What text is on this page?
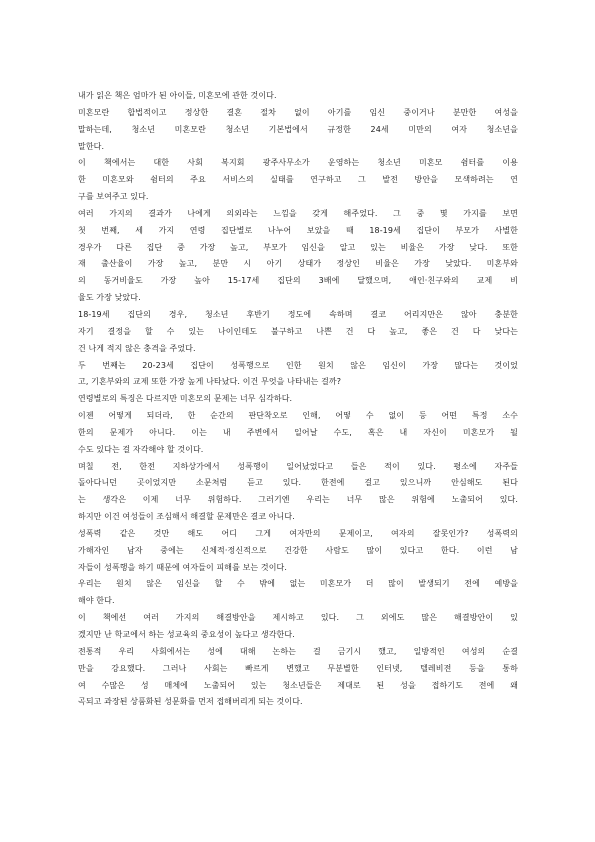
내가 읽은 책은 엄마가 된 아이들, 미혼모에 관한 것이다.
미혼모란 합법적이고 정상한 결혼 절차 없이 아기를 임신 중이거나 분만한 여성을
말하는데, 청소년 미혼모란 청소년 기본법에서 규정한 24세 미만의 여자 청소년을
말한다.
이 책에서는 대한 사회 복지회 광주사무소가 운영하는 청소년 미혼모 쉼터를 이용
한 미혼모와 쉼터의 주요 서비스의 실태를 연구하고 그 발전 방안을 모색하려는 연
구를 보여주고 있다.
여러 가지의 결과가 나에게 의외라는 느낌을 갖게 해주었다. 그 중 몇 가지를 보면
첫 번째, 세 가지 연령 집단별로 나누어 보았을 때 18-19세 집단이 부모가 사별한
경우가 다른 집단 중 가장 높고, 부모가 임신을 알고 있는 비율은 가장 낮다. 또한
재 출산율이 가장 높고, 분만 시 아기 상태가 정상인 비율은 가장 낮았다. 미혼부와
의 동거비율도 가장 높아 15-17세 집단의 3배에 달했으며, 애인·친구와의 교제 비
율도 가장 낮았다.
18-19세 집단의 경우, 청소년 후반기 정도에 속하며 결코 어리지만은 않아 충분한
자기 결정을 할 수 있는 나이인데도 불구하고 나쁜 건 다 높고, 좋은 건 다 낮다는
건 나게 적지 않은 충격을 주었다.
두 번째는 20-23세 집단이 성폭행으로 인한 원치 않은 임신이 가장 많다는 것이었
고, 기혼부와의 교제 또한 가장 높게 나타났다. 이건 무엇을 나타내는 걸까?
연령별로의 특징은 다르지만 미혼모의 문제는 너무 심각하다.
이젠 어떻게 되더라, 한 순간의 판단착오로 인해, 어떻 수 없이 등 어떤 특정 소수
한의 문제가 아니다. 이는 내 주변에서 일어날 수도, 혹은 내 자신이 미혼모가 될
수도 있다는 걸 자각해야 할 것이다.
며칠 전, 한전 지하상가에서 성폭행이 일어났었다고 들은 적이 있다. 평소에 자주들
돌아다니던 곳이었지만 소문처럼 듣고 있다. 한전에 걸고 있으니까 안심해도 된다
는 생각은 이제 너무 위험하다. 그러기엔 우리는 너무 많은 위험에 노출되어 있다.
하지만 이건 여성들이 조심해서 해결할 문제만은 결코 아니다.
성폭력 같은 것만 해도 어디 그게 여자만의 문제이고, 여자의 잘못인가? 성폭력의
가해자인 남자 중에는 신체적·정신적으로 건강한 사람도 많이 있다고 한다. 이런 남
자들이 성폭행을 하기 때문에 여자들이 피해를 보는 것이다.
우리는 원치 않은 임신을 할 수 밖에 없는 미혼모가 더 많이 발생되기 전에 예방을
해야 한다.
이 책에선 여러 가지의 해결방안을 제시하고 있다. 그 외에도 많은 해결방안이 있
겠지만 난 학교에서 하는 성교육의 중요성이 높다고 생각한다.
전통적 우리 사회에서는 성에 대해 논하는 걸 금기시 했고, 일방적인 여성의 순결
만을 강요했다. 그러나 사회는 빠르게 변했고 무분별한 인터넷, 텔레비전 등을 통하
여 수많은 성 매체에 노출되어 있는 청소년들은 제대로 된 성을 접하기도 전에 왜
곡되고 과장된 상품화된 성문화를 먼저 접해버리게 되는 것이다.
